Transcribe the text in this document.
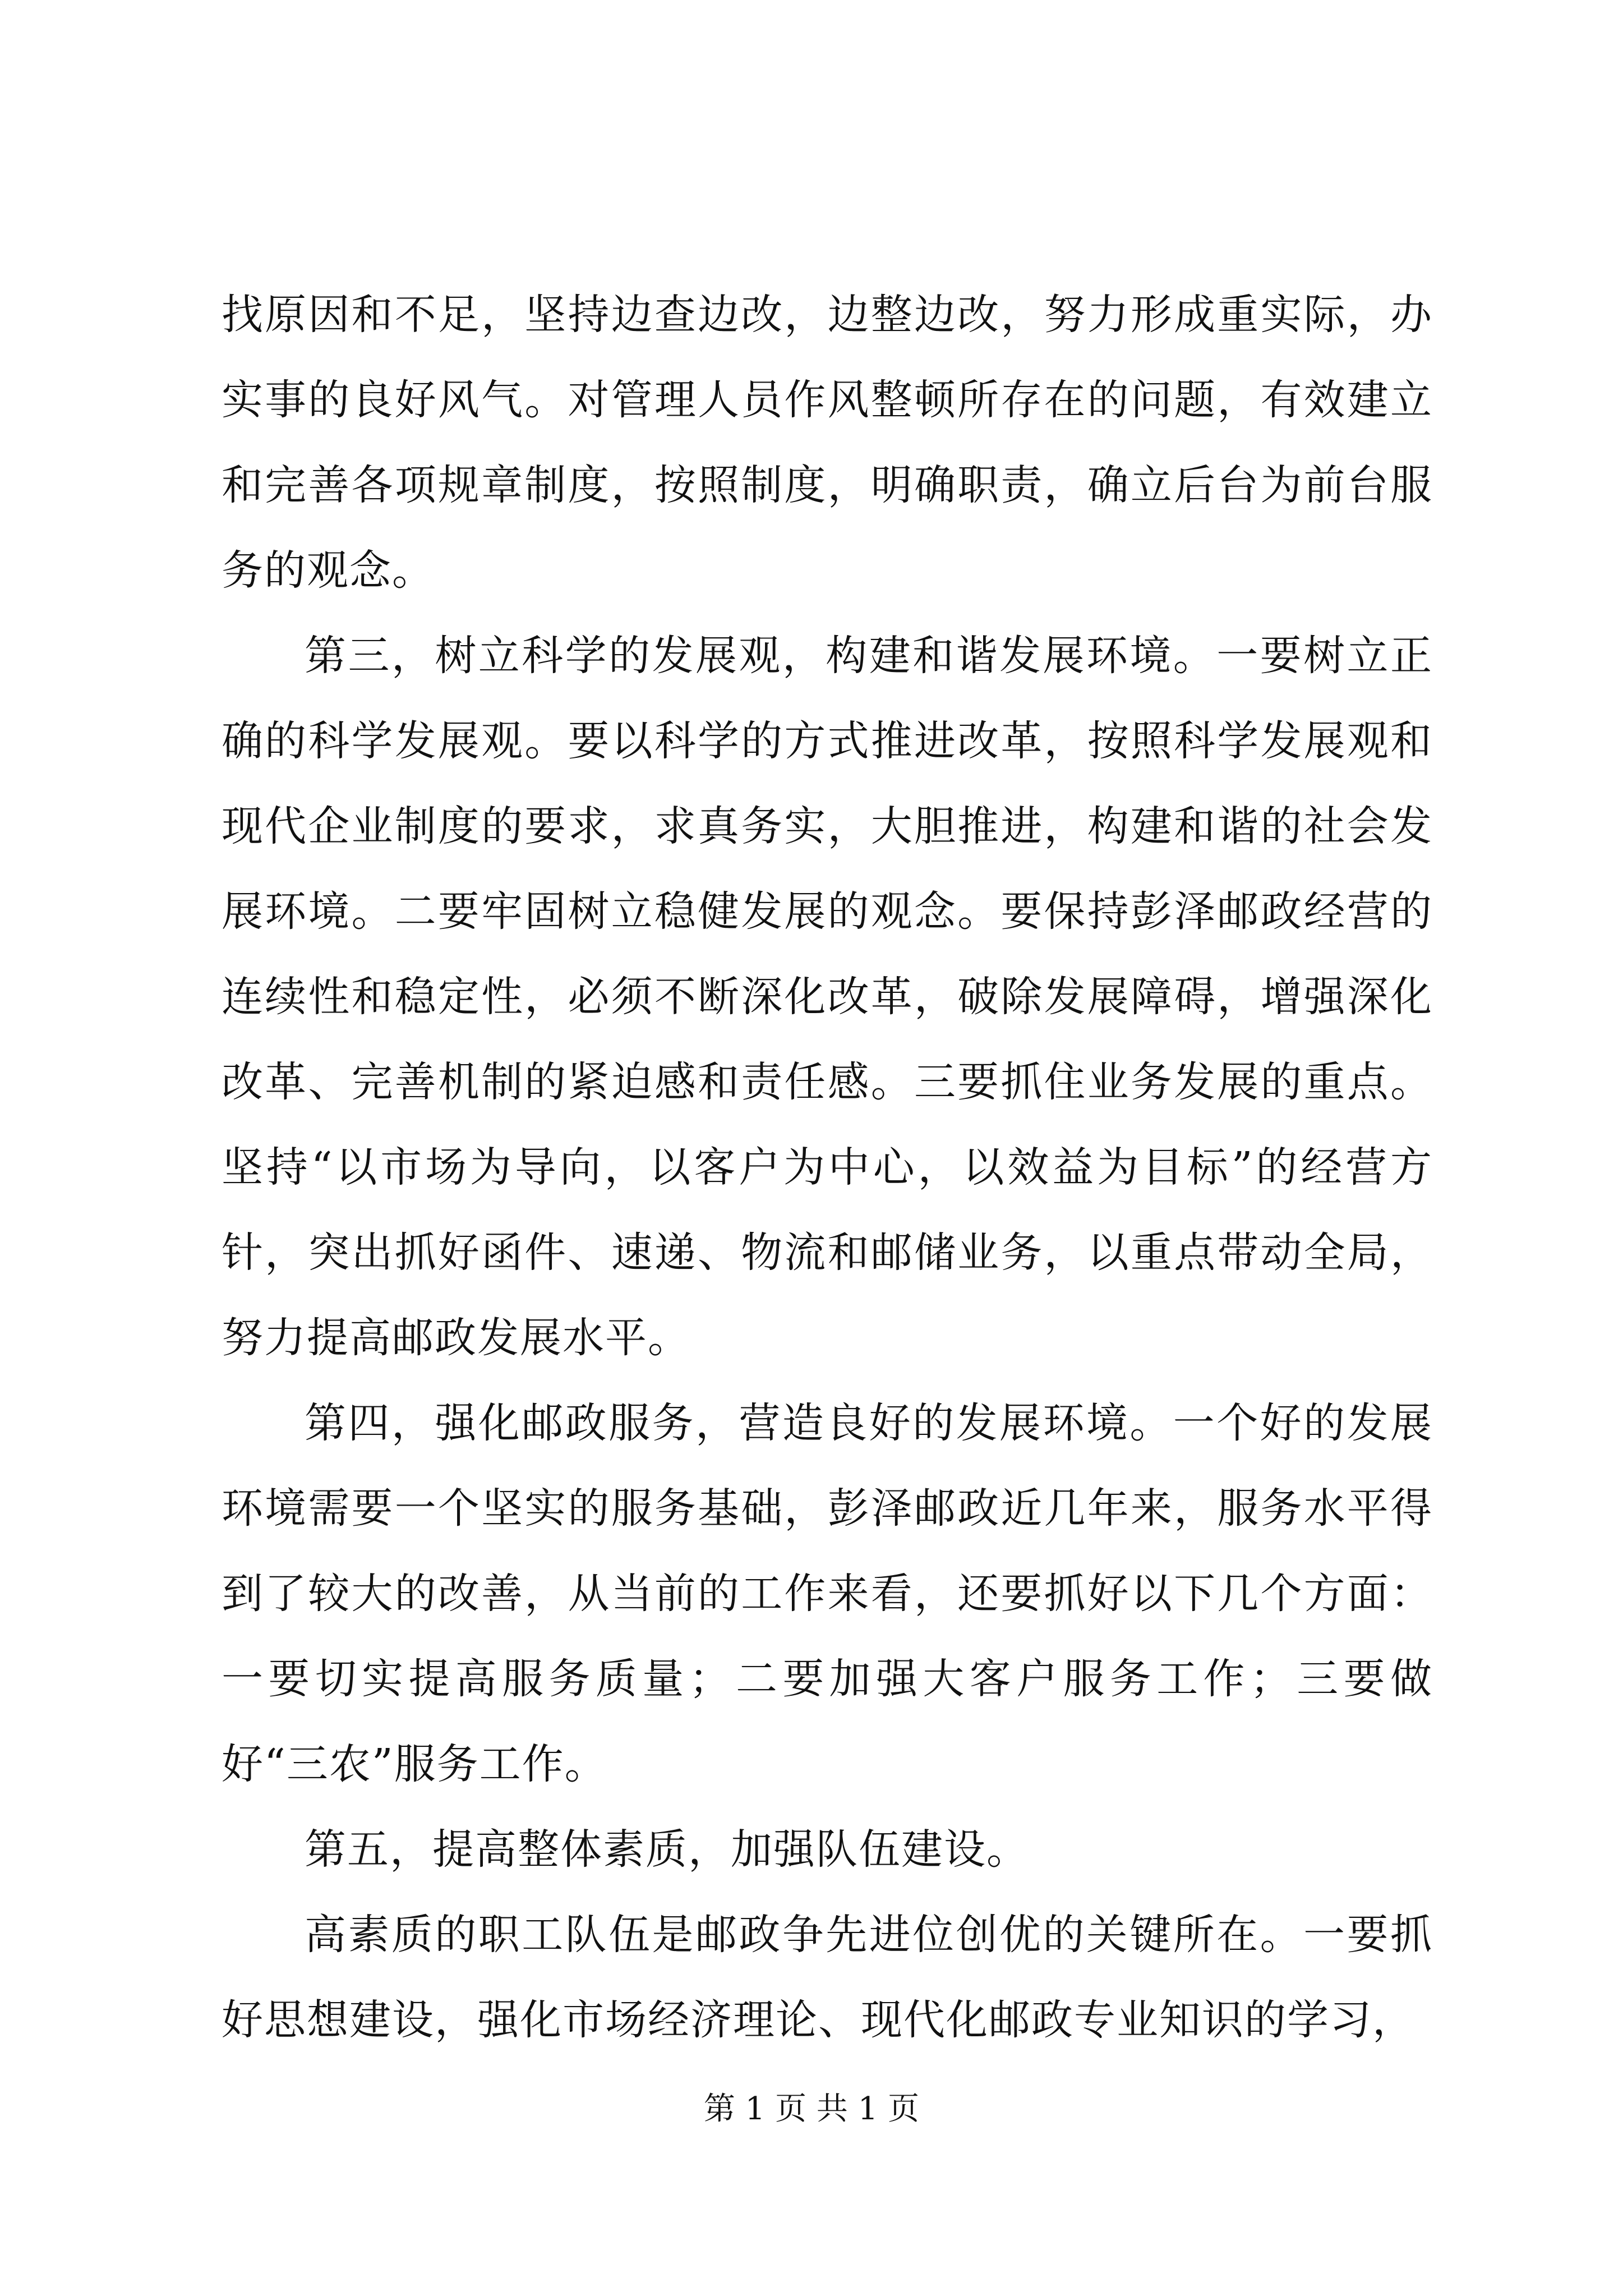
找原因和不足，坚持边查边改，边整边改，努力形成重实际，办实事的良好风气。对管理人员作风整顿所存在的问题，有效建立和完善各项规章制度，按照制度，明确职责，确立后台为前台服务的观念。

第三，树立科学的发展观，构建和谐发展环境。一要树立正确的科学发展观。要以科学的方式推进改革，按照科学发展观和现代企业制度的要求，求真务实，大胆推进，构建和谐的社会发展环境。二要牢固树立稳健发展的观念。要保持彭泽邮政经营的连续性和稳定性，必须不断深化改革，破除发展障碍，增强深化改革、完善机制的紧迫感和责任感。三要抓住业务发展的重点。坚持“以市场为导向，以客户为中心，以效益为目标”的经营方针，突出抓好函件、速递、物流和邮储业务，以重点带动全局，努力提高邮政发展水平。

第四，强化邮政服务，营造良好的发展环境。一个好的发展环境需要一个坚实的服务基础，彭泽邮政近几年来，服务水平得到了较大的改善，从当前的工作来看，还要抓好以下几个方面：一要切实提高服务质量；二要加强大客户服务工作；三要做好“三农”服务工作。

第五，提高整体素质，加强队伍建设。

高素质的职工队伍是邮政争先进位创优的关键所在。一要抓好思想建设，强化市场经济理论、现代化邮政专业知识的学习，

第 1 页 共 1 页
